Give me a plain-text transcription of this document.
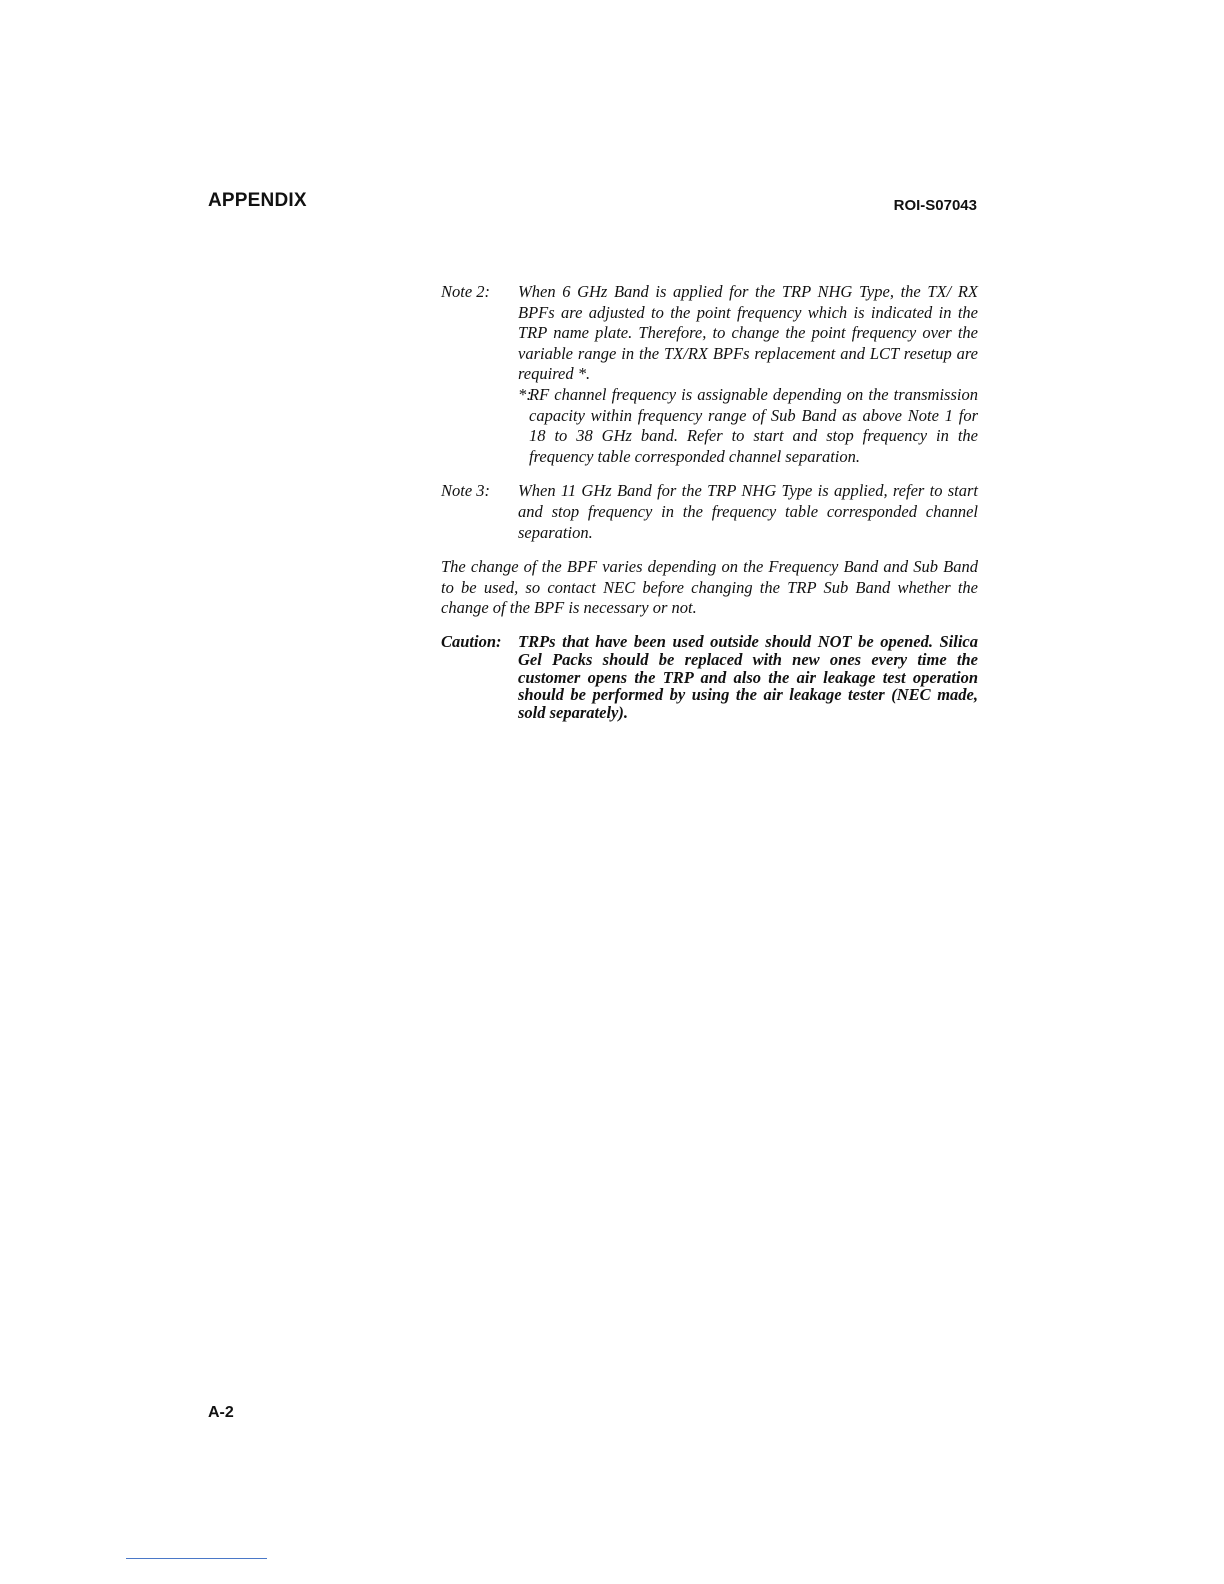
APPENDIX	ROI-S07043
Note 2:	When 6 GHz Band is applied for the TRP NHG Type, the TX/ RX BPFs are adjusted to the point frequency which is indicated in the TRP name plate. Therefore, to change the point frequency over the variable range in the TX/RX BPFs replacement and LCT resetup are required *.
*:
RF channel frequency is assignable depending on the transmission capacity within frequency range of Sub Band as above Note 1 for 18 to 38 GHz band. Refer to start and stop frequency in the frequency table corresponded channel separation.
Note 3:	When 11 GHz Band for the TRP NHG Type is applied, refer to start and stop frequency in the frequency table corresponded channel separation.
The change of the BPF varies depending on the Frequency Band and Sub Band to be used, so contact NEC before changing the TRP Sub Band whether the change of the BPF is necessary or not.
Caution: TRPs that have been used outside should NOT be opened. Silica Gel Packs should be replaced with new ones every time the customer opens the TRP and also the air leakage test operation should be performed by using the air leakage tester (NEC made, sold separately).
A-2
